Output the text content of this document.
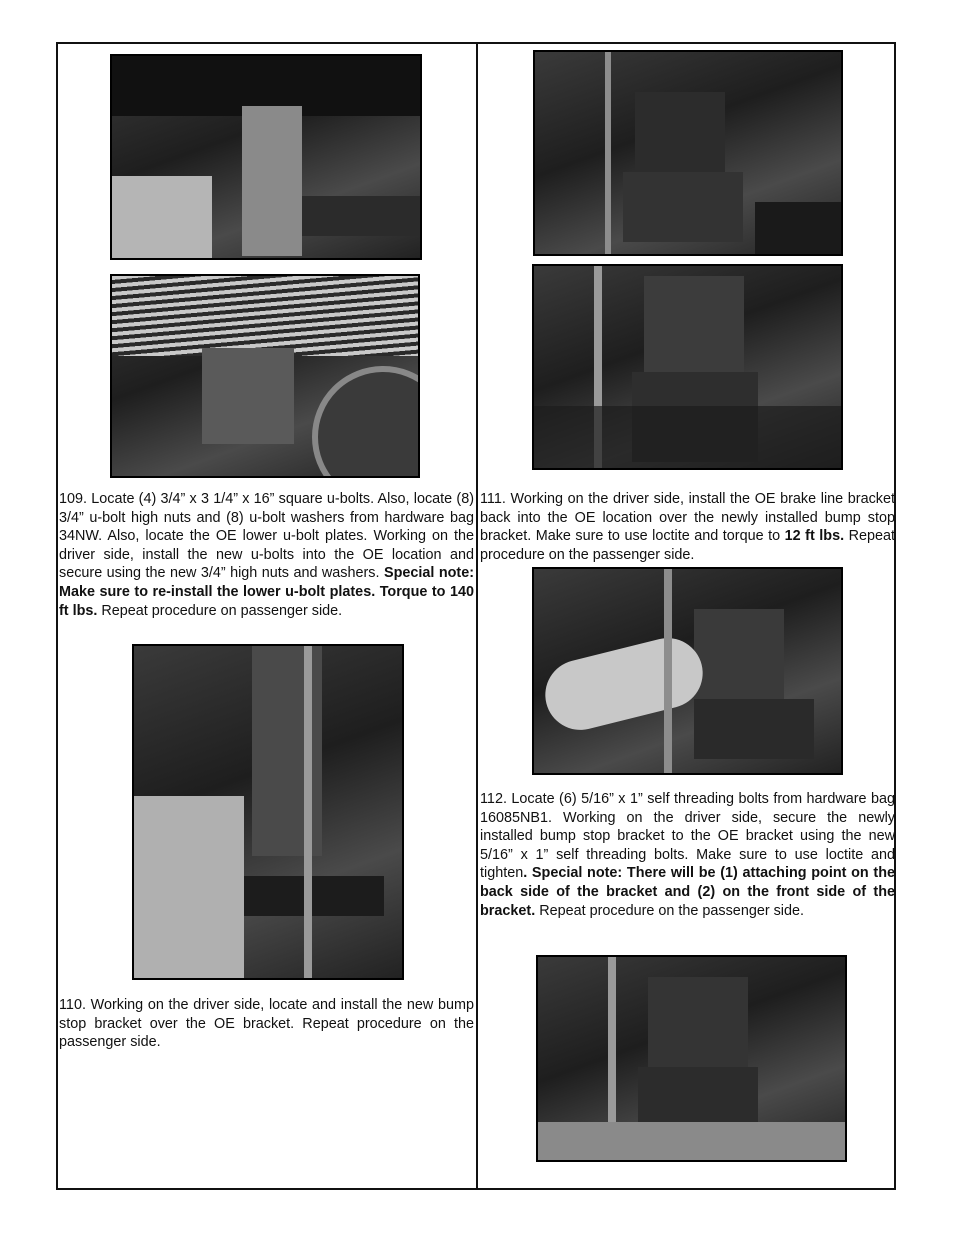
109. Locate (4) 3/4” x 3 1/4” x 16” square u-bolts. Also, locate (8) 3/4” u-bolt high nuts and (8) u-bolt washers from hardware bag 34NW. Also, locate the OE lower u-bolt plates. Working on the driver side, install the new u-bolts into the OE location and secure using the new 3/4” high nuts and washers. Special note: Make sure to re-install the lower u-bolt plates. Torque to 140 ft lbs. Repeat procedure on passenger side.
110. Working on the driver side, locate and install the new bump stop bracket over the OE bracket. Repeat procedure on the passenger side.
111. Working on the driver side, install the OE brake line bracket back into the OE location over the newly installed bump stop bracket. Make sure to use loctite and torque to 12 ft lbs. Repeat procedure on the passenger side.
112. Locate (6) 5/16” x 1” self threading bolts from hardware bag 16085NB1. Working on the driver side, secure the newly installed bump stop bracket to the OE bracket using the new 5/16” x 1” self threading bolts. Make sure to use loctite and tighten. Special note: There will be (1) attaching point on the back side of the bracket and (2) on the front side of the bracket. Repeat procedure on the passenger side.
